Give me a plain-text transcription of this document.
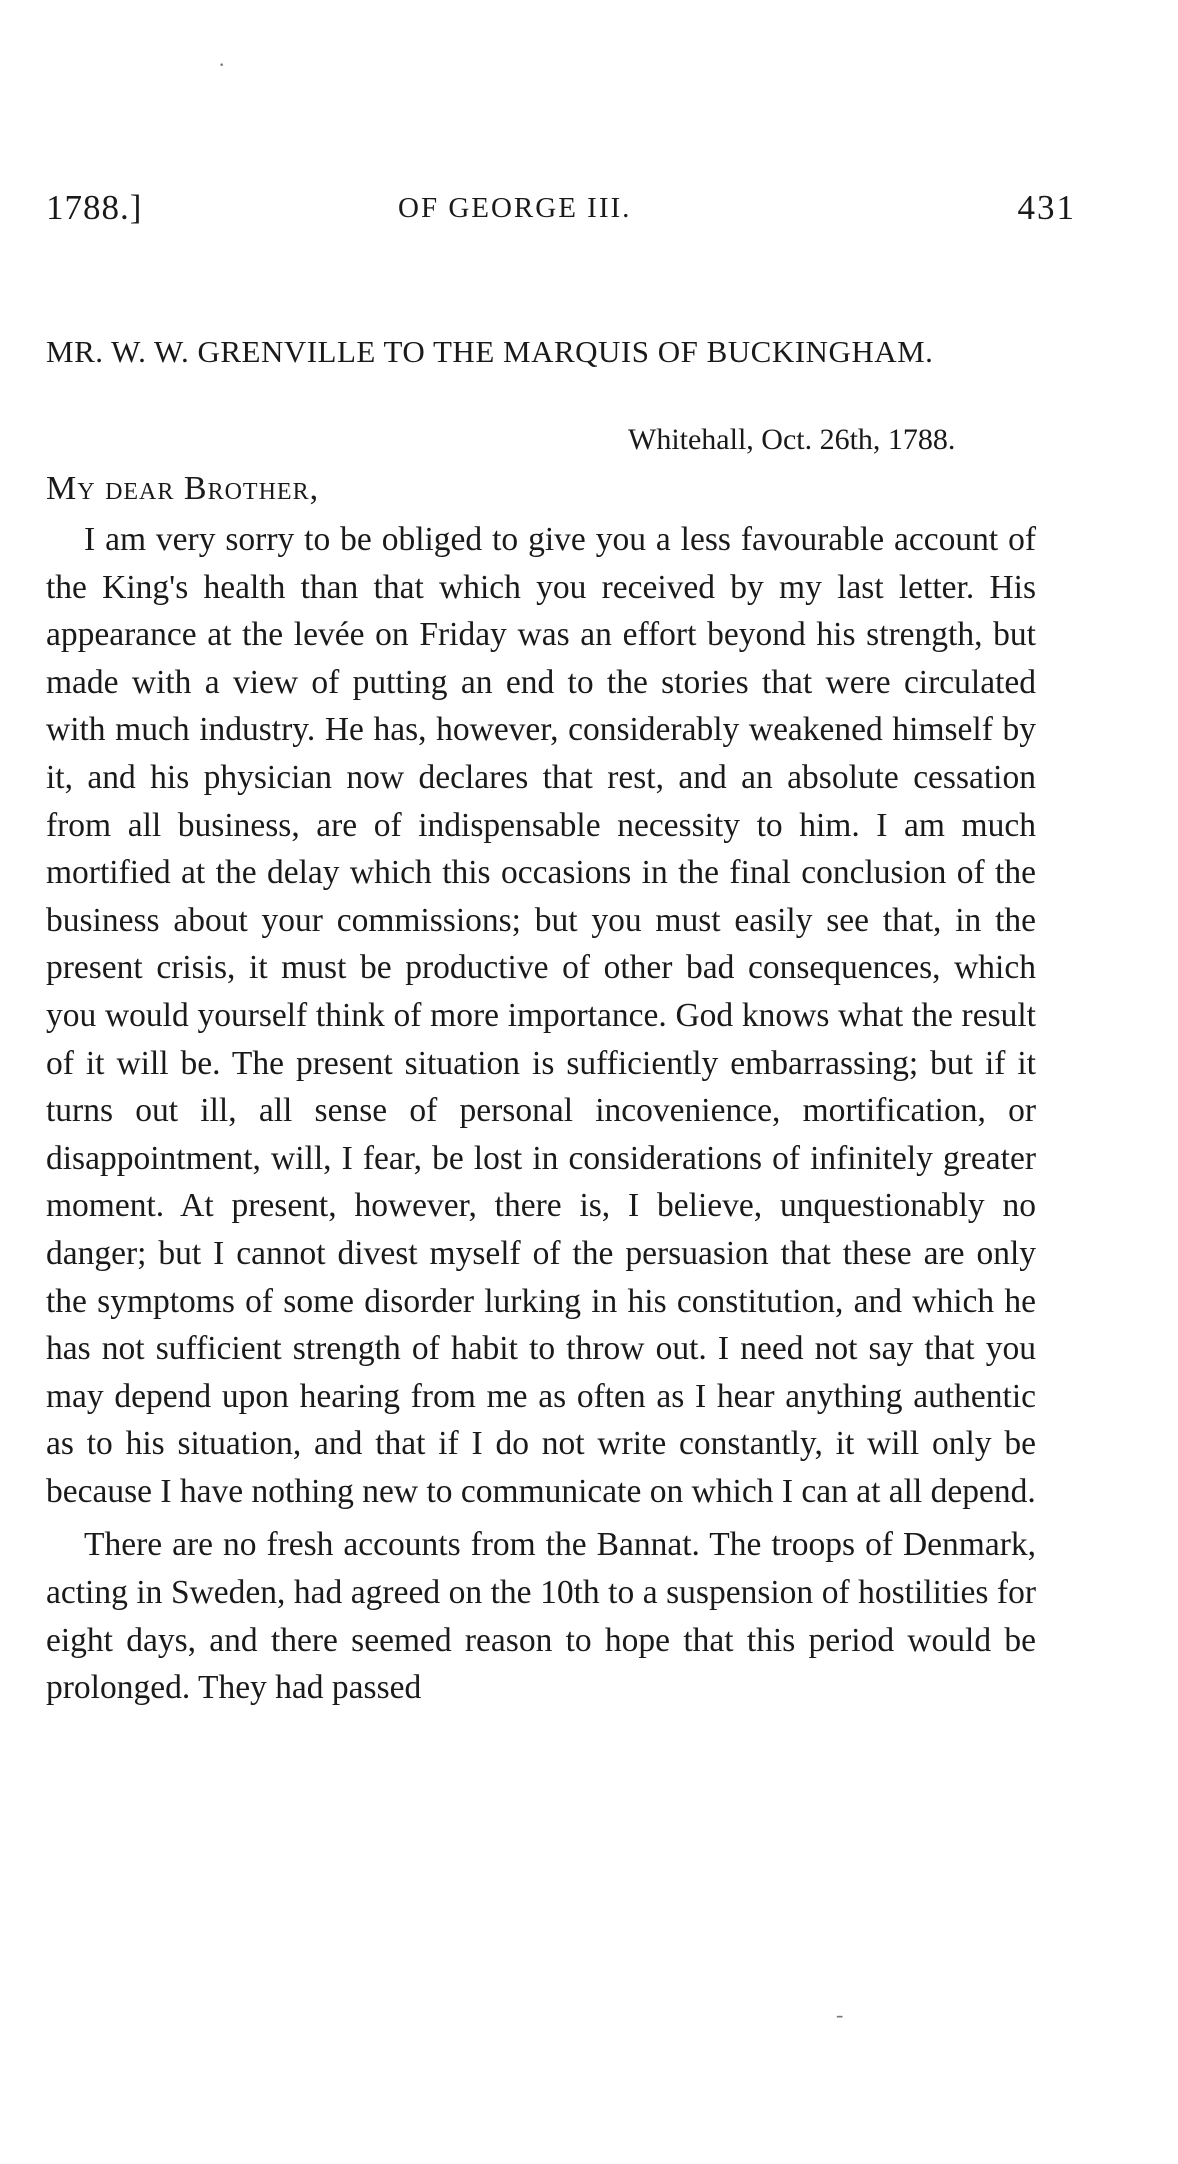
1788.]	OF GEORGE III.	431
MR. W. W. GRENVILLE TO THE MARQUIS OF BUCKINGHAM.
Whitehall, Oct. 26th, 1788.
My dear Brother,

I am very sorry to be obliged to give you a less favourable account of the King's health than that which you received by my last letter. His appearance at the levée on Friday was an effort beyond his strength, but made with a view of putting an end to the stories that were circulated with much industry. He has, however, considerably weakened himself by it, and his physician now declares that rest, and an absolute cessation from all business, are of indispensable necessity to him. I am much mortified at the delay which this occasions in the final conclusion of the business about your commissions; but you must easily see that, in the present crisis, it must be productive of other bad consequences, which you would yourself think of more importance. God knows what the result of it will be. The present situation is sufficiently embarrassing; but if it turns out ill, all sense of personal incovenience, mortification, or disappointment, will, I fear, be lost in considerations of infinitely greater moment. At present, however, there is, I believe, unquestionably no danger; but I cannot divest myself of the persuasion that these are only the symptoms of some disorder lurking in his constitution, and which he has not sufficient strength of habit to throw out. I need not say that you may depend upon hearing from me as often as I hear anything authentic as to his situation, and that if I do not write constantly, it will only be because I have nothing new to communicate on which I can at all depend.

There are no fresh accounts from the Bannat. The troops of Denmark, acting in Sweden, had agreed on the 10th to a suspension of hostilities for eight days, and there seemed reason to hope that this period would be prolonged. They had passed

·
-
